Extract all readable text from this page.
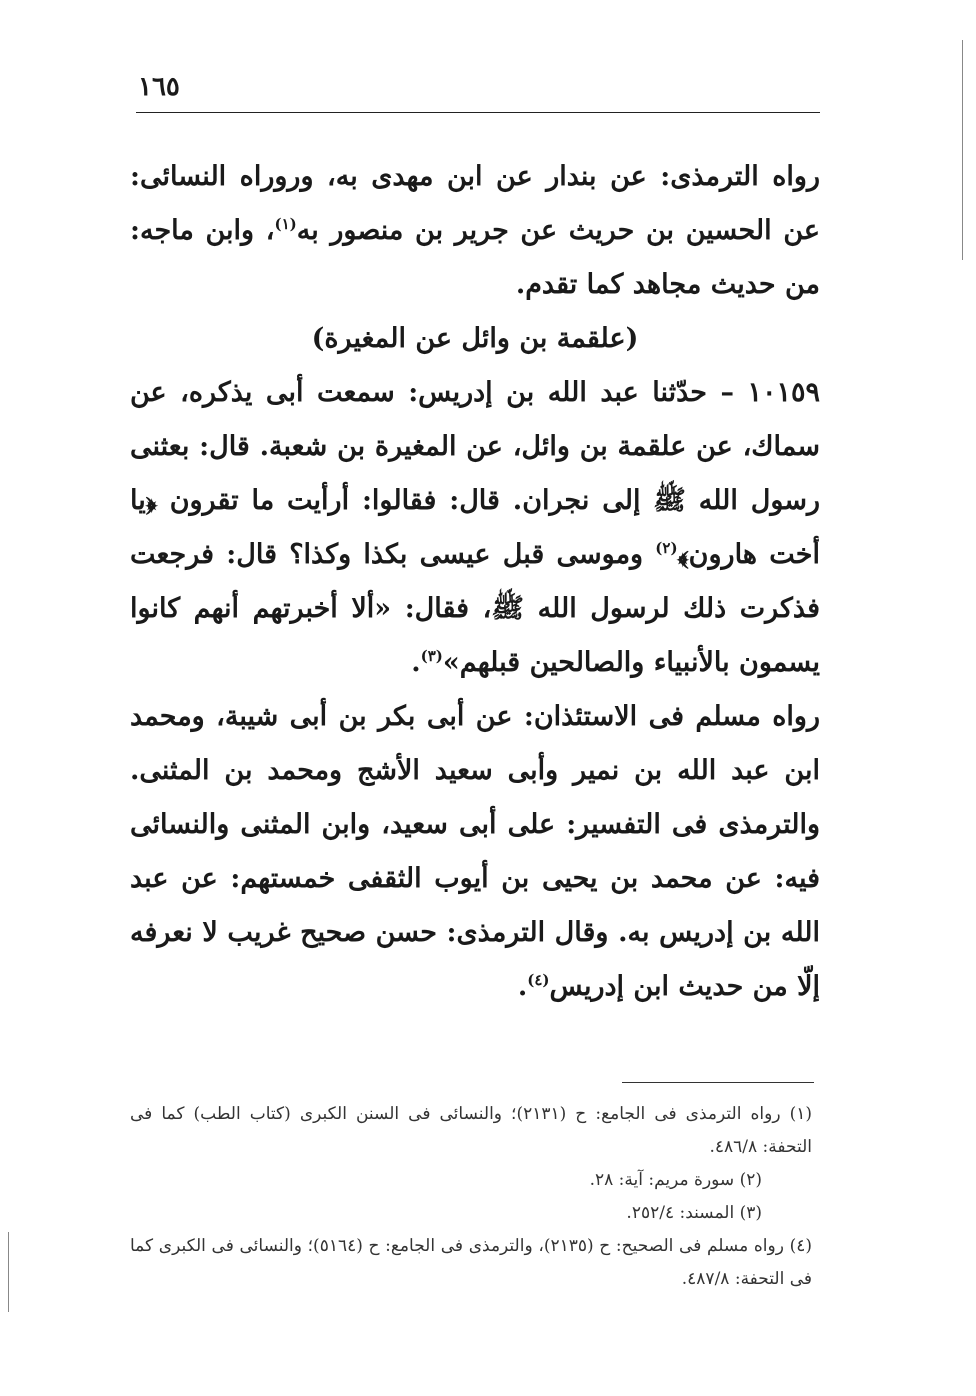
١٦٥

رواه الترمذى: عن بندار عن ابن مهدى به، وروراه النسائى: عن الحسين بن حريث عن جرير بن منصور به$^{(١)}$، وابن ماجه: من حديث مجاهد كما تقدم.

(علقمة بن وائل عن المغيرة)

١٠١٥٩ – حدّثنا عبد الله بن إدريس: سمعت أبى يذكره، عن سماك، عن علقمة بن وائل، عن المغيرة بن شعبة. قال: بعثنى رسول الله ﷺ إلى نجران. قال: فقالوا: أرأيت ما تقرون ﴿يا أخت هارون﴾$^{(٢)}$ وموسى قبل عيسى بكذا وكذا؟ قال: فرجعت فذكرت ذلك لرسول الله ﷺ، فقال: «ألا أخبرتهم أنهم كانوا يسمون بالأنبياء والصالحين قبلهم»$^{(٣)}$.

رواه مسلم فى الاستئذان: عن أبى بكر بن أبى شيبة، ومحمد ابن عبد الله بن نمير وأبى سعيد الأشج ومحمد بن المثنى. والترمذى فى التفسير: على أبى سعيد، وابن المثنى والنسائى فيه: عن محمد بن يحيى بن أيوب الثقفى خمستهم: عن عبد الله بن إدريس به. وقال الترمذى: حسن صحيح غريب لا نعرفه إلّا من حديث ابن إدريس$^{(٤)}$.

(١) رواه الترمذى فى الجامع: ح (٢١٣١)؛ والنسائى فى السنن الكبرى (كتاب الطب) كما فى التحفة: ٤٨٦/٨.

(٢) سورة مريم: آية: ٢٨.

(٣) المسند: ٢٥٢/٤.

(٤) رواه مسلم فى الصحيح: ح (٢١٣٥)، والترمذى فى الجامع: ح (٥١٦٤)؛ والنسائى فى الكبرى كما فى التحفة: ٤٨٧/٨.
